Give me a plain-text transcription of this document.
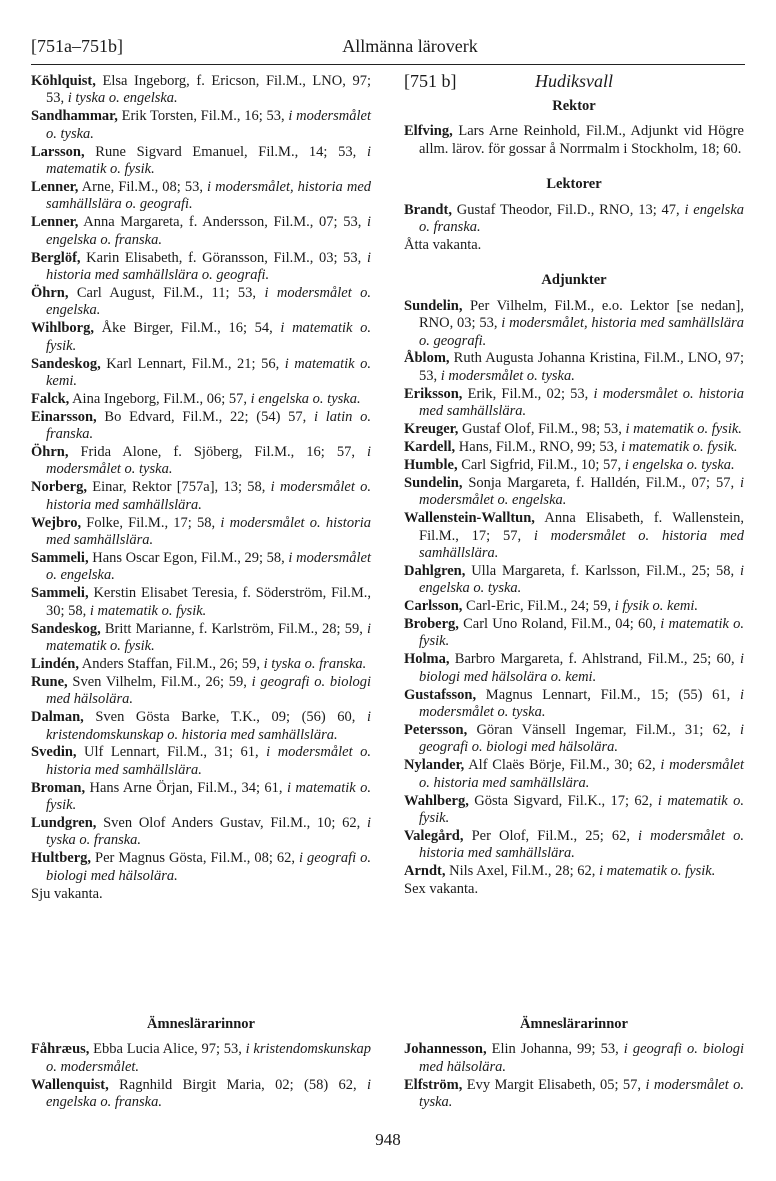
[751a–751b]	Allmänna läroverk
Köhlquist, Elsa Ingeborg, f. Ericson, Fil.M., LNO, 97; 53, i tyska o. engelska.
Sandhammar, Erik Torsten, Fil.M., 16; 53, i modersmålet o. tyska.
Larsson, Rune Sigvard Emanuel, Fil.M., 14; 53, i matematik o. fysik.
Lenner, Arne, Fil.M., 08; 53, i modersmålet, historia med samhällslära o. geografi.
Lenner, Anna Margareta, f. Andersson, Fil.M., 07; 53, i engelska o. franska.
Berglöf, Karin Elisabeth, f. Göransson, Fil.M., 03; 53, i historia med samhällslära o. geografi.
Öhrn, Carl August, Fil.M., 11; 53, i modersmålet o. engelska.
Wihlborg, Åke Birger, Fil.M., 16; 54, i matematik o. fysik.
Sandeskog, Karl Lennart, Fil.M., 21; 56, i matematik o. kemi.
Falck, Aina Ingeborg, Fil.M., 06; 57, i engelska o. tyska.
Einarsson, Bo Edvard, Fil.M., 22; (54) 57, i latin o. franska.
Öhrn, Frida Alone, f. Sjöberg, Fil.M., 16; 57, i modersmålet o. tyska.
Norberg, Einar, Rektor [757a], 13; 58, i modersmålet o. historia med samhällslära.
Wejbro, Folke, Fil.M., 17; 58, i modersmålet o. historia med samhällslära.
Sammeli, Hans Oscar Egon, Fil.M., 29; 58, i modersmålet o. engelska.
Sammeli, Kerstin Elisabet Teresia, f. Söderström, Fil.M., 30; 58, i matematik o. fysik.
Sandeskog, Britt Marianne, f. Karlström, Fil.M., 28; 59, i matematik o. fysik.
Lindén, Anders Staffan, Fil.M., 26; 59, i tyska o. franska.
Rune, Sven Vilhelm, Fil.M., 26; 59, i geografi o. biologi med hälsolära.
Dalman, Sven Gösta Barke, T.K., 09; (56) 60, i kristendomskunskap o. historia med samhällslära.
Svedin, Ulf Lennart, Fil.M., 31; 61, i modersmålet o. historia med samhällslära.
Broman, Hans Arne Örjan, Fil.M., 34; 61, i matematik o. fysik.
Lundgren, Sven Olof Anders Gustav, Fil.M., 10; 62, i tyska o. franska.
Hultberg, Per Magnus Gösta, Fil.M., 08; 62, i geografi o. biologi med hälsolära.
Sju vakanta.
[751 b]	Hudiksvall
Rektor
Elfving, Lars Arne Reinhold, Fil.M., Adjunkt vid Högre allm. lärov. för gossar å Norrmalm i Stockholm, 18; 60.
Lektorer
Brandt, Gustaf Theodor, Fil.D., RNO, 13; 47, i engelska o. franska.
Åtta vakanta.
Adjunkter
Sundelin, Per Vilhelm, Fil.M., e.o. Lektor [se nedan], RNO, 03; 53, i modersmålet, historia med samhällslära o. geografi.
Åblom, Ruth Augusta Johanna Kristina, Fil.M., LNO, 97; 53, i modersmålet o. tyska.
Eriksson, Erik, Fil.M., 02; 53, i modersmålet o. historia med samhällslära.
Kreuger, Gustaf Olof, Fil.M., 98; 53, i matematik o. fysik.
Kardell, Hans, Fil.M., RNO, 99; 53, i matematik o. fysik.
Humble, Carl Sigfrid, Fil.M., 10; 57, i engelska o. tyska.
Sundelin, Sonja Margareta, f. Halldén, Fil.M., 07; 57, i modersmålet o. engelska.
Wallenstein-Walltun, Anna Elisabeth, f. Wallenstein, Fil.M., 17; 57, i modersmålet o. historia med samhällslära.
Dahlgren, Ulla Margareta, f. Karlsson, Fil.M., 25; 58, i engelska o. tyska.
Carlsson, Carl-Eric, Fil.M., 24; 59, i fysik o. kemi.
Broberg, Carl Uno Roland, Fil.M., 04; 60, i matematik o. fysik.
Holma, Barbro Margareta, f. Ahlstrand, Fil.M., 25; 60, i biologi med hälsolära o. kemi.
Gustafsson, Magnus Lennart, Fil.M., 15; (55) 61, i modersmålet o. tyska.
Petersson, Göran Vänsell Ingemar, Fil.M., 31; 62, i geografi o. biologi med hälsolära.
Nylander, Alf Claës Börje, Fil.M., 30; 62, i modersmålet o. historia med samhällslära.
Wahlberg, Gösta Sigvard, Fil.K., 17; 62, i matematik o. fysik.
Valegård, Per Olof, Fil.M., 25; 62, i modersmålet o. historia med samhällslära.
Arndt, Nils Axel, Fil.M., 28; 62, i matematik o. fysik.
Sex vakanta.
Ämneslärarinnor
Fåhræus, Ebba Lucia Alice, 97; 53, i kristendomskunskap o. modersmålet.
Wallenquist, Ragnhild Birgit Maria, 02; (58) 62, i engelska o. franska.
Ämneslärarinnor
Johannesson, Elin Johanna, 99; 53, i geografi o. biologi med hälsolära.
Elfström, Evy Margit Elisabeth, 05; 57, i modersmålet o. tyska.
948
